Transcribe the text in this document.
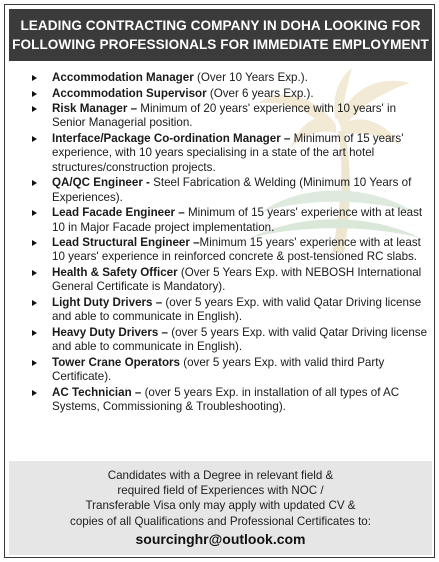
LEADING CONTRACTING COMPANY IN DOHA LOOKING FOR
FOLLOWING PROFESSIONALS FOR IMMEDIATE EMPLOYMENT
Accommodation Manager (Over 10 Years Exp.).
Accommodation Supervisor (Over 6 years Exp.).
Risk Manager – Minimum of 20 years' experience with 10 years' in Senior Managerial position.
Interface/Package Co-ordination Manager – Minimum of 15 years' experience, with 10 years specialising in a state of the art hotel structures/construction projects.
QA/QC Engineer - Steel Fabrication & Welding (Minimum 10 Years of Experiences).
Lead Facade Engineer – Minimum of 15 years' experience with at least 10 in Major Facade project implementation.
Lead Structural Engineer –Minimum 15 years' experience with at least 10 years' experience in reinforced concrete & post-tensioned RC slabs.
Health & Safety Officer (Over 5 Years Exp. with NEBOSH International General Certificate is Mandatory).
Light Duty Drivers – (over 5 years Exp. with valid Qatar Driving license and able to communicate in English).
Heavy Duty Drivers – (over 5 years Exp. with valid Qatar Driving license and able to communicate in English).
Tower Crane Operators (over 5 years Exp. with valid third Party Certificate).
AC Technician – (over 5 years Exp. in installation of all types of AC Systems, Commissioning & Troubleshooting).
Candidates with a Degree in relevant field &
required field of Experiences with NOC /
Transferable Visa only may apply with updated CV &
copies of all Qualifications and Professional Certificates to:
sourcinghr@outlook.com
